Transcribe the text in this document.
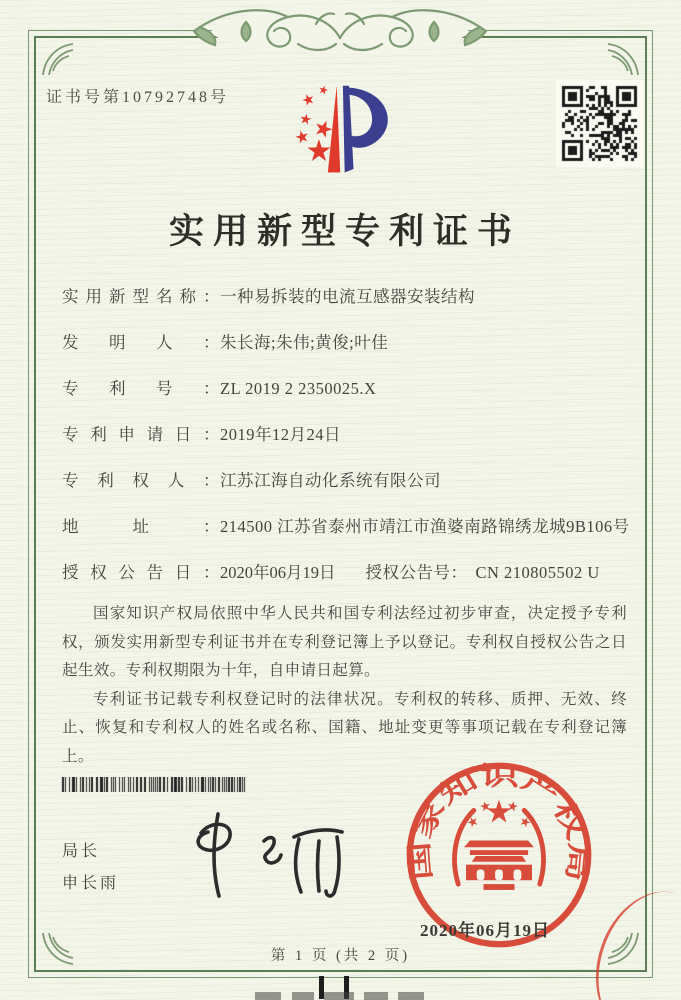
证书号第10792748号
实用新型专利证书
实用新型名称： 一种易拆装的电流互感器安装结构
发明人： 朱长海;朱伟;黄俊;叶佳
专利号： ZL 2019 2 2350025.X
专利申请日： 2019年12月24日
专利权人： 江苏江海自动化系统有限公司
地址： 214500 江苏省泰州市靖江市渔婆南路锦绣龙城9B106号
授权公告日： 2020年06月19日 授权公告号： CN 210805502 U

国家知识产权局依照中华人民共和国专利法经过初步审查，决定授予专利权，颁发实用新型专利证书并在专利登记簿上予以登记。专利权自授权公告之日起生效。专利权期限为十年，自申请日起算。

专利证书记载专利权登记时的法律状况。专利权的转移、质押、无效、终止、恢复和专利权人的姓名或名称、国籍、地址变更等事项记载在专利登记簿上。

局长
申长雨
国家知识产权局
2020年06月19日
第 1 页 (共 2 页)
